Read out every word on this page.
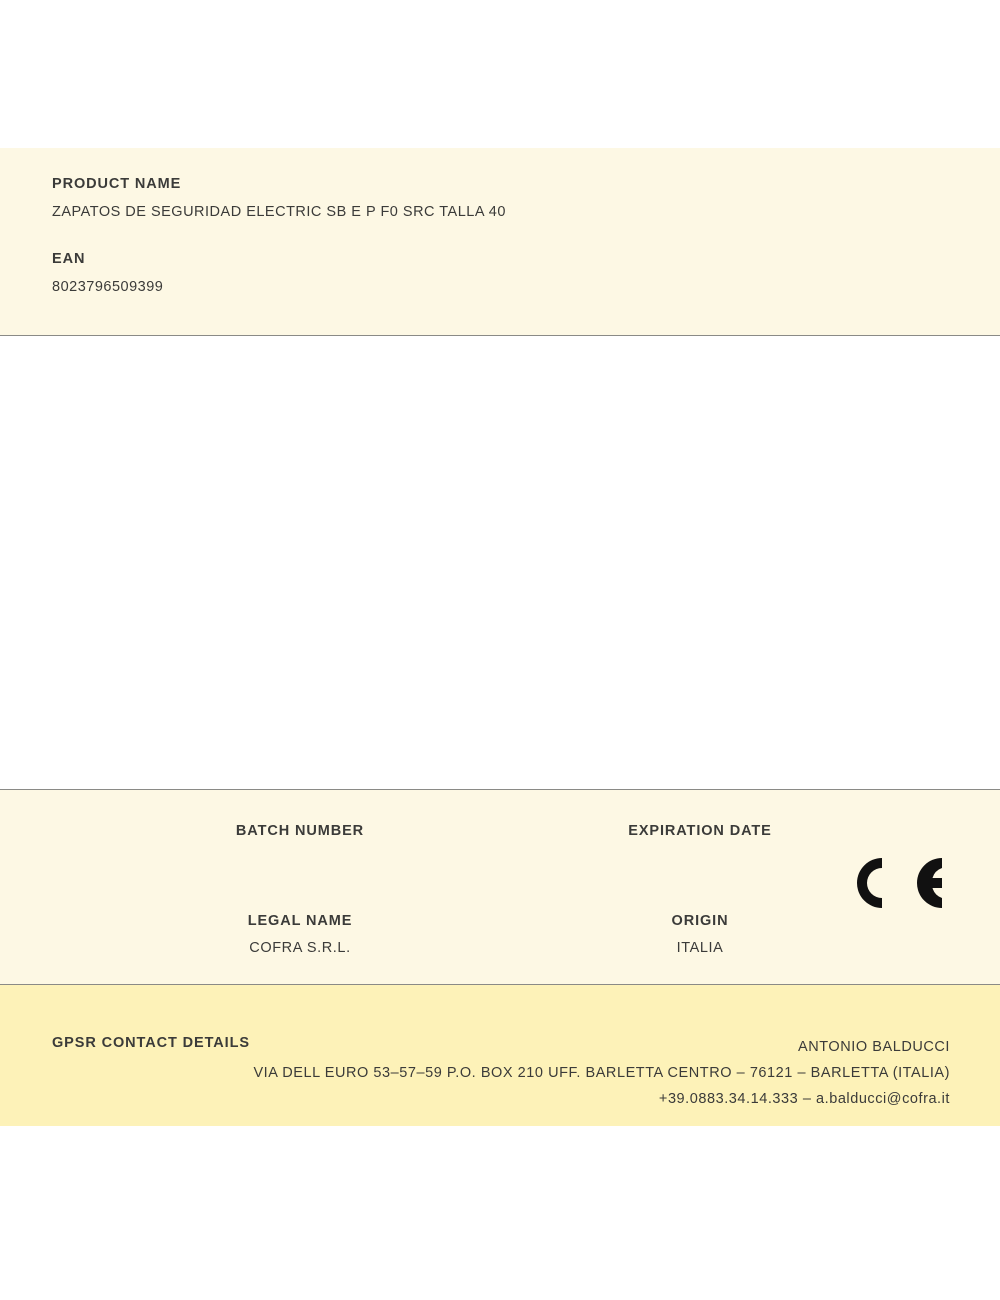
PRODUCT NAME

ZAPATOS DE SEGURIDAD ELECTRIC SB E P F0 SRC TALLA 40

EAN

8023796509399

BATCH NUMBER	EXPIRATION DATE

LEGAL NAME

COFRA S.R.L.

ORIGIN

ITALIA

GPSR CONTACT DETAILS	ANTONIO BALDUCCI
VIA DELL EURO 53–57–59 P.O. BOX 210 UFF. BARLETTA CENTRO – 76121 – BARLETTA (ITALIA)
+39.0883.34.14.333 – a.balducci@cofra.it
